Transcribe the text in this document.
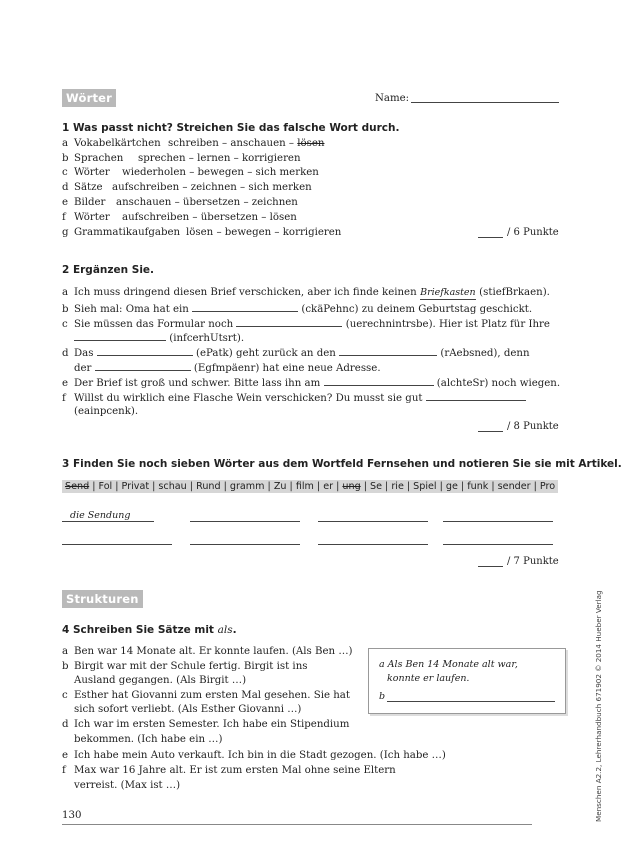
Wörter	Name:
1 Was passt nicht? Streichen Sie das falsche Wort durch.
a Vokabelkärtchen schreiben – anschauen – lösen
b Sprachen sprechen – lernen – korrigieren
c Wörter wiederholen – bewegen – sich merken
d Sätze aufschreiben – zeichnen – sich merken
e Bilder anschauen – übersetzen – zeichnen
f Wörter aufschreiben – übersetzen – lösen
g Grammatikaufgaben lösen – bewegen – korrigieren	/ 6 Punkte
2 Ergänzen Sie.
a Ich muss dringend diesen Brief verschicken, aber ich finde keinen Briefkasten (stiefBrkaen).
b Sieh mal: Oma hat ein	(ckäPehnc) zu deinem Geburtstag geschickt.
c Sie müssen das Formular noch	(uerechnintrsbe). Hier ist Platz für Ihre
(infcerhUtsrt).
d Das	(ePatk) geht zurück an den	(rAebsned), denn
der	(Egfmpäenr) hat eine neue Adresse.
e Der Brief ist groß und schwer. Bitte lass ihn am	(alchteSr) noch wiegen.
f Willst du wirklich eine Flasche Wein verschicken? Du musst sie gut
(eainpcenk).
/ 8 Punkte
3 Finden Sie noch sieben Wörter aus dem Wortfeld Fernsehen und notieren Sie sie mit Artikel.
Send | Fol | Privat | schau | Rund | gramm | Zu | film | er | ung | Se | rie | Spiel | ge | funk | sender | Pro
die Sendung
/ 7 Punkte
Strukturen
4 Schreiben Sie Sätze mit als.
a Ben war 14 Monate alt. Er konnte laufen. (Als Ben …)
b Birgit war mit der Schule fertig. Birgit ist ins
Ausland gegangen. (Als Birgit …)
c Esther hat Giovanni zum ersten Mal gesehen. Sie hat
sich sofort verliebt. (Als Esther Giovanni …)
d Ich war im ersten Semester. Ich habe ein Stipendium
bekommen. (Ich habe ein …)
e Ich habe mein Auto verkauft. Ich bin in die Stadt gezogen. (Ich habe …)
f Max war 16 Jahre alt. Er ist zum ersten Mal ohne seine Eltern
verreist. (Max ist …)
a Als Ben 14 Monate alt war,
konnte er laufen.
b
130	Menschen A2.2, Lehrerhandbuch 671902 © 2014 Hueber Verlag
